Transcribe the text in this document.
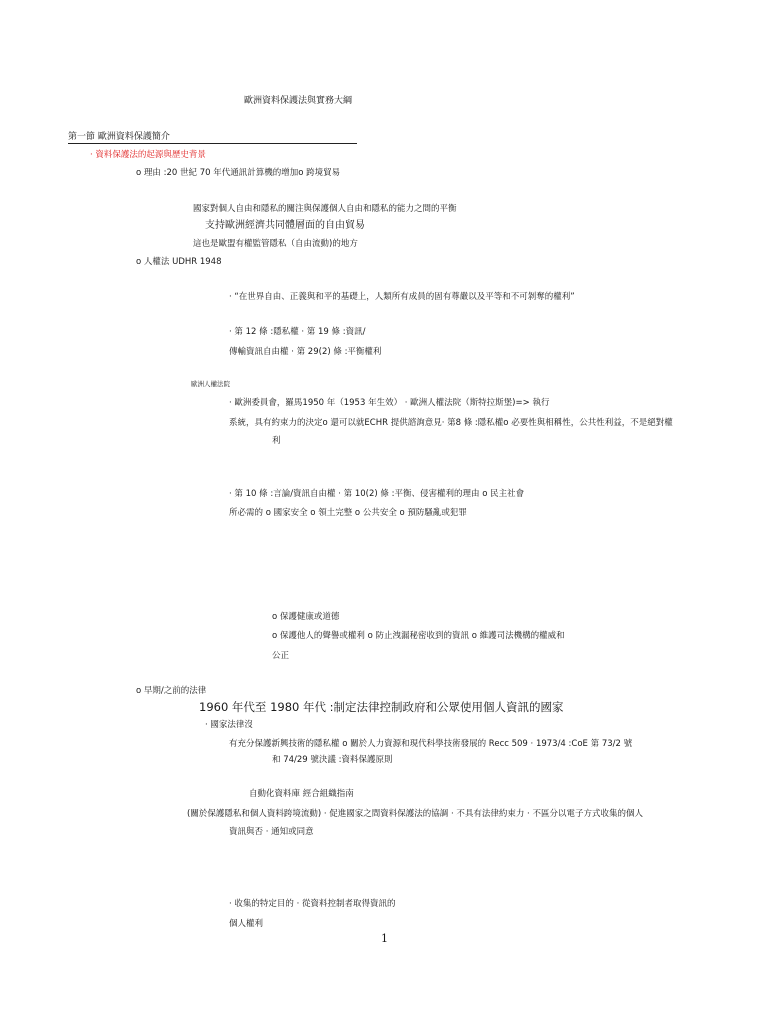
歐洲資料保護法與實務大綱
第一節 歐洲資料保護簡介
· 資料保護法的起源與歷史背景
o 理由 :20 世紀 70 年代通訊計算機的增加o 跨境貿易
國家對個人自由和隱私的關注與保護個人自由和隱私的能力之間的平衡
支持歐洲經濟共同體層面的自由貿易
這也是歐盟有權監管隱私（自由流動)的地方
o 人權法 UDHR 1948
· “在世界自由、正義與和平的基礎上，人類所有成員的固有尊嚴以及平等和不可剝奪的權利”
· 第 12 條 :隱私權 · 第 19 條 :資訊/
傳輸資訊自由權 · 第 29(2) 條 :平衡權利
歐洲人權法院
· 歐洲委員會，羅馬1950 年（1953 年生效） · 歐洲人權法院（斯特拉斯堡)=> 執行
系統，具有約束力的決定o 還可以就ECHR 提供諮詢意見· 第8 條 :隱私權o 必要性與相稱性，公共性利益，不是絕對權
利
· 第 10 條 :言論/資訊自由權 · 第 10(2) 條 :平衡、侵害權利的理由 o 民主社會
所必需的 o 國家安全 o 領土完整 o 公共安全 o 預防騷亂或犯罪
o 保護健康或道德
o 保護他人的聲譽或權利 o 防止洩漏秘密收到的資訊 o 維護司法機構的權威和
公正
o 早期/之前的法律
1960 年代至 1980 年代 :制定法律控制政府和公眾使用個人資訊的國家
· 國家法律沒
有充分保護新興技術的隱私權 o 關於人力資源和現代科學技術發展的 Recc 509 · 1973/4 :CoE 第 73/2 號
和 74/29 號決議 :資料保護原則
自動化資料庫 經合組織指南
(關於保護隱私和個人資料跨境流動) · 促進國家之間資料保護法的協調 · 不具有法律約束力 · 不區分以電子方式收集的個人
資訊與否 · 通知或同意
· 收集的特定目的 · 從資料控制者取得資訊的
個人權利
1
